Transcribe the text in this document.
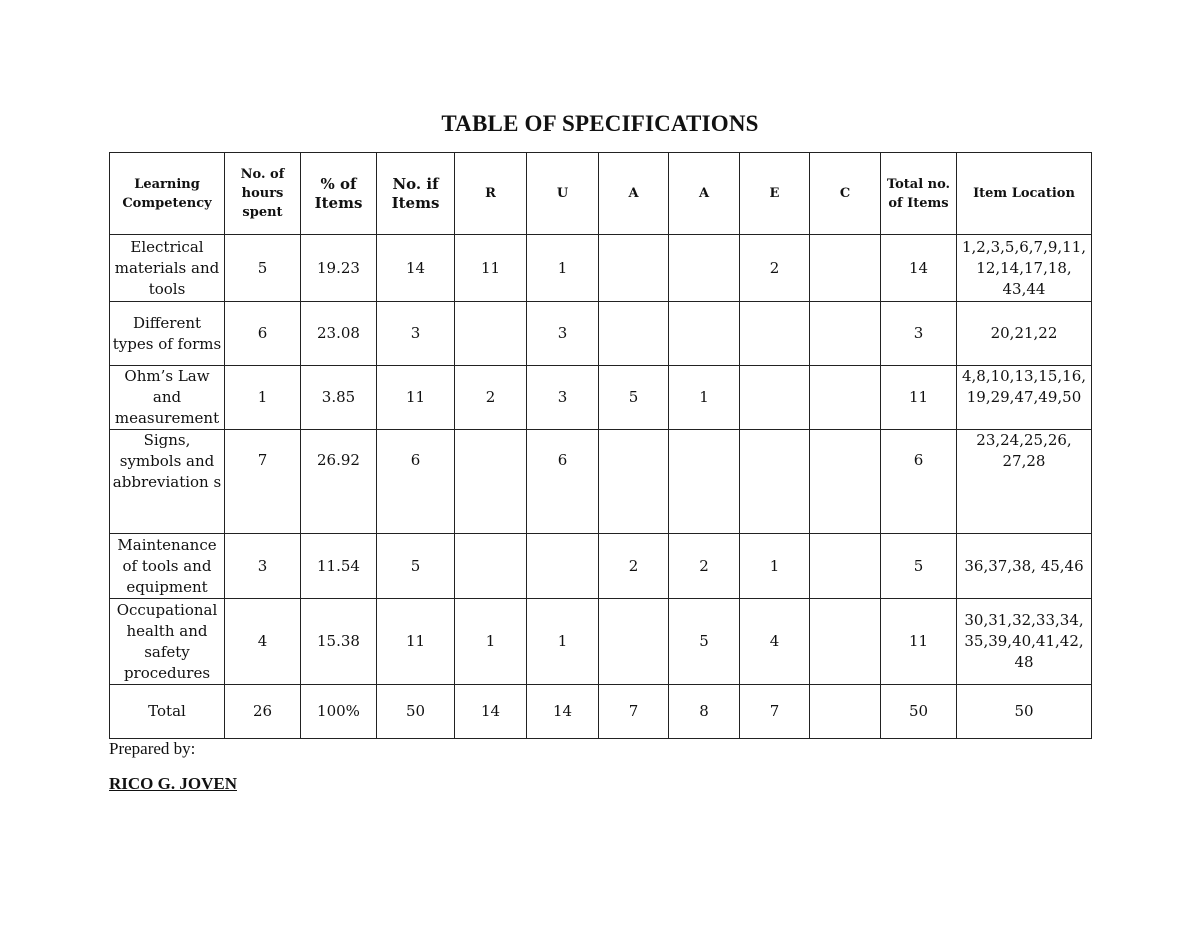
TABLE OF SPECIFICATIONS
Learning Competency	No. of hours spent	% of Items	No. if Items	R	U	A	A	E	C	Total no. of Items	Item Location
Electrical materials and tools	5	19.23	14	11	1			2		14	1,2,3,5,6,7,9,11, 12,14,17,18, 43,44
Different types of forms	6	23.08	3		3					3	20,21,22
Ohm’s Law and measurement	1	3.85	11	2	3	5	1			11	4,8,10,13,15,16, 19,29,47,49,50
Signs, symbols and abbreviation s	7	26.92	6		6					6	23,24,25,26, 27,28
Maintenance of tools and equipment	3	11.54	5			2	2	1		5	36,37,38, 45,46
Occupational health and safety procedures	4	15.38	11	1	1		5	4		11	30,31,32,33,34, 35,39,40,41,42, 48
Total	26	100%	50	14	14	7	8	7		50	50
Prepared by:
RICO G. JOVEN
